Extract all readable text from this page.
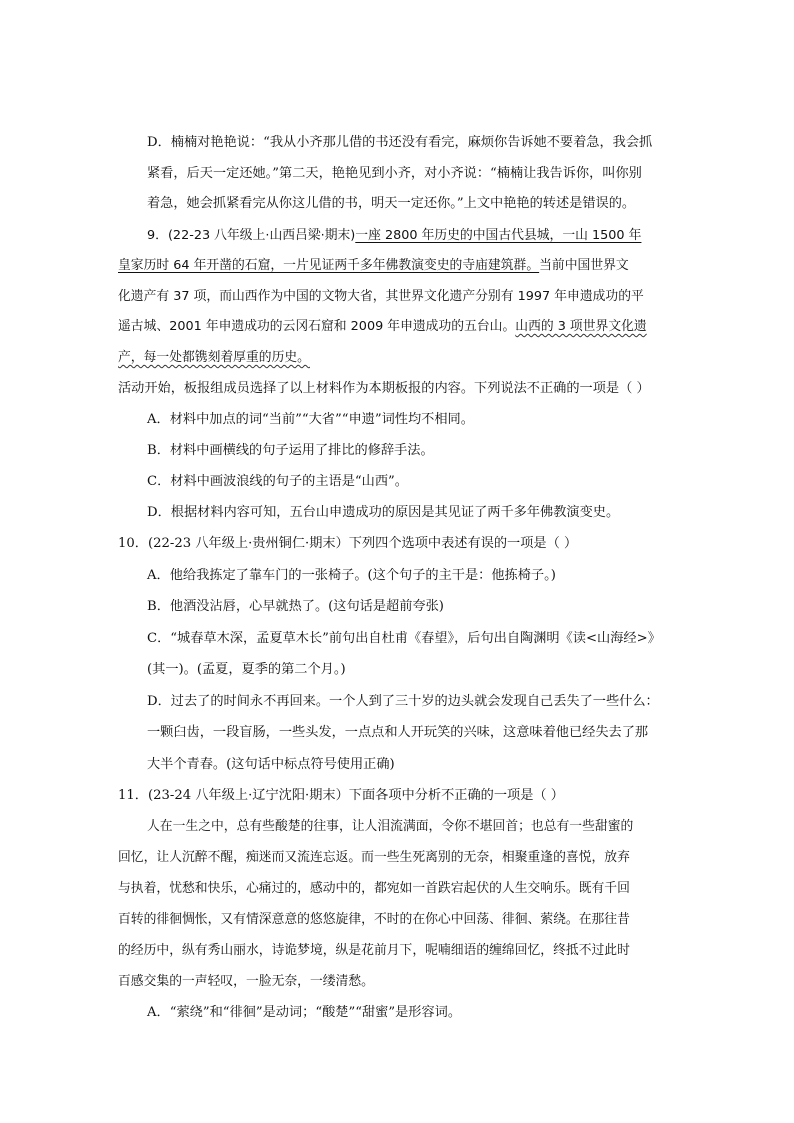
D．楠楠对艳艳说：“我从小齐那儿借的书还没有看完，麻烦你告诉她不要着急，我会抓
紧看，后天一定还她。”第二天，艳艳见到小齐，对小齐说：“楠楠让我告诉你，叫你别
着急，她会抓紧看完从你这儿借的书，明天一定还你。”上文中艳艳的转述是错误的。
9．(22-23 八年级上·山西吕梁·期末)一座 2800 年历史的中国古代县城，一山 1500 年
皇家历时 64 年开凿的石窟，一片见证两千多年佛教演变史的寺庙建筑群。当前中国世界文
化遗产有 37 项，而山西作为中国的文物大省，其世界文化遗产分别有 1997 年申遗成功的平
遥古城、2001 年申遗成功的云冈石窟和 2009 年申遗成功的五台山。山西的 3 项世界文化遗
产，每一处都镌刻着厚重的历史。
活动开始，板报组成员选择了以上材料作为本期板报的内容。下列说法不正确的一项是（ ）
A．材料中加点的词“当前”“大省”“申遗”词性均不相同。
B．材料中画横线的句子运用了排比的修辞手法。
C．材料中画波浪线的句子的主语是“山西”。
D．根据材料内容可知，五台山申遗成功的原因是其见证了两千多年佛教演变史。
10．(22-23 八年级上·贵州铜仁·期末）下列四个选项中表述有误的一项是（ ）
A．他给我拣定了靠车门的一张椅子。(这个句子的主干是：他拣椅子。)
B．他酒没沾唇，心早就热了。(这句话是超前夸张)
C．“城春草木深，孟夏草木长”前句出自杜甫《春望》，后句出自陶渊明《读<山海经>》
(其一)。(孟夏，夏季的第二个月。)
D．过去了的时间永不再回来。一个人到了三十岁的边头就会发现自己丢失了一些什么：
一颗臼齿，一段盲肠，一些头发，一点点和人开玩笑的兴味，这意味着他已经失去了那
大半个青春。(这句话中标点符号使用正确)
11．(23-24 八年级上·辽宁沈阳·期末）下面各项中分析不正确的一项是（ ）
人在一生之中，总有些酸楚的往事，让人泪流满面，令你不堪回首；也总有一些甜蜜的
回忆，让人沉醉不醒，痴迷而又流连忘返。而一些生死离别的无奈，相聚重逢的喜悦，放弃
与执着，忧愁和快乐，心痛过的，感动中的，都宛如一首跌宕起伏的人生交响乐。既有千回
百转的徘徊惆怅，又有情深意意的悠悠旋律，不时的在你心中回荡、徘徊、萦绕。在那往昔
的经历中，纵有秀山丽水，诗诡梦境，纵是花前月下，呢喃细语的缠绵回忆，终抵不过此时
百感交集的一声轻叹，一脸无奈，一缕清愁。
A．“萦绕”和“徘徊”是动词；“酸楚”“甜蜜”是形容词。
